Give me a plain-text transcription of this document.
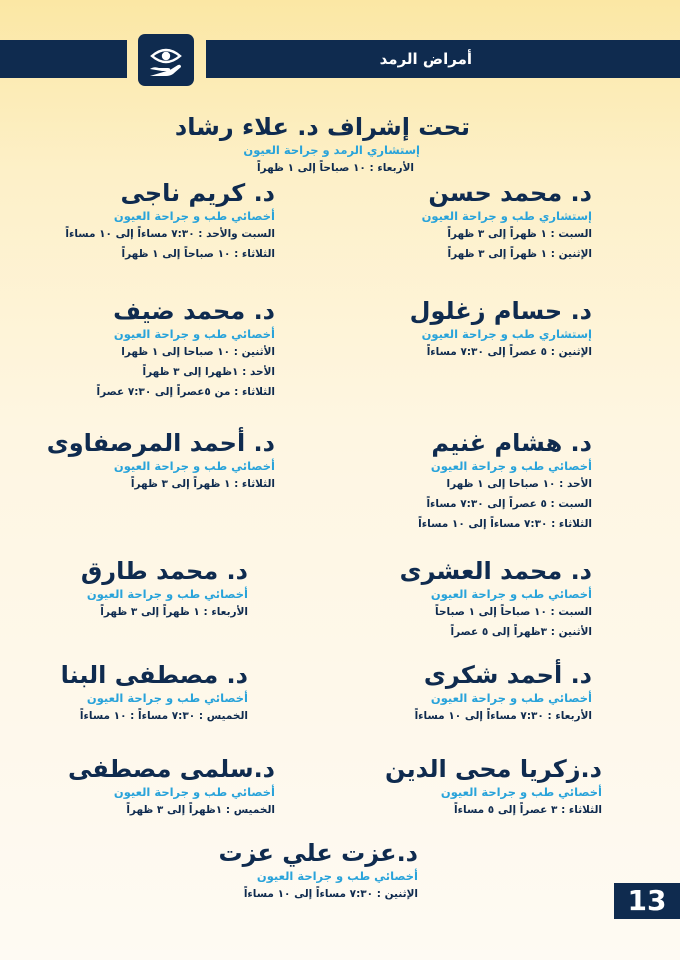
أمراض الرمد
تحت إشراف د. علاء رشاد
إستشاري الرمد و جراحة العيون
الأربعاء : ١٠ صباحاً إلى ١ ظهراً
د. محمد حسن
إستشاري طب و جراحة العيون
السبت : ١ ظهراً إلى ٣ ظهراً
الإثنين : ١ ظهراً إلى ٣ ظهراً
د. حسام زغلول
إستشاري طب و جراحة العيون
الإثنين : ٥ عصراً إلى ٧:٣٠ مساءاً
د. هشام غنيم
أخصائي طب و جراحة العيون
الأحد : ١٠ صباحا إلى ١ ظهرا
السبت : ٥ عصراً إلى ٧:٣٠ مساءاً
الثلاثاء : ٧:٣٠ مساءاً إلى ١٠ مساءاً
د. محمد العشرى
أخصائي طب و جراحة العيون
السبت : ١٠ صباحاً إلى ١ صباحاً
الأثنين : ٣ظهراً إلى ٥ عصراً
د. أحمد شكرى
أخصائي طب و جراحة العيون
الأربعاء : ٧:٣٠ مساءاً إلى ١٠ مساءاً
د.زكريا محى الدين
أخصائي طب و جراحة العيون
الثلاثاء : ٣ عصراً إلى ٥ مساءاً
د. كريم ناجى
أخصائي طب و جراحة العيون
السبت والأحد : ٧:٣٠ مساءاً إلى ١٠ مساءاً
الثلاثاء : ١٠ صباحاً إلى ١ ظهراً
د. محمد ضيف
أخصائي طب و جراحة العيون
الأثنين : ١٠ صباحا إلى ١ ظهرا
الأحد : ١ظهرا إلى ٣ ظهراً
الثلاثاء : من ٥عصراً إلى ٧:٣٠ عصراً
د. أحمد المرصفاوى
أخصائي طب و جراحة العيون
الثلاثاء : ١ ظهراً إلى ٣ ظهراً
د. محمد طارق
أخصائي طب و جراحة العيون
الأربعاء : ١ ظهراً إلى ٣ ظهراً
د. مصطفى البنا
أخصائي طب و جراحة العيون
الخميس : ٧:٣٠ مساءاً : ١٠ مساءاً
د.سلمى مصطفى
أخصائي طب و جراحة العيون
الخميس : ١ظهراً إلى ٣ ظهراً
د.عزت علي عزت
أخصائي طب و جراحة العيون
الإثنين : ٧:٣٠ مساءاً إلى ١٠ مساءاً	13
